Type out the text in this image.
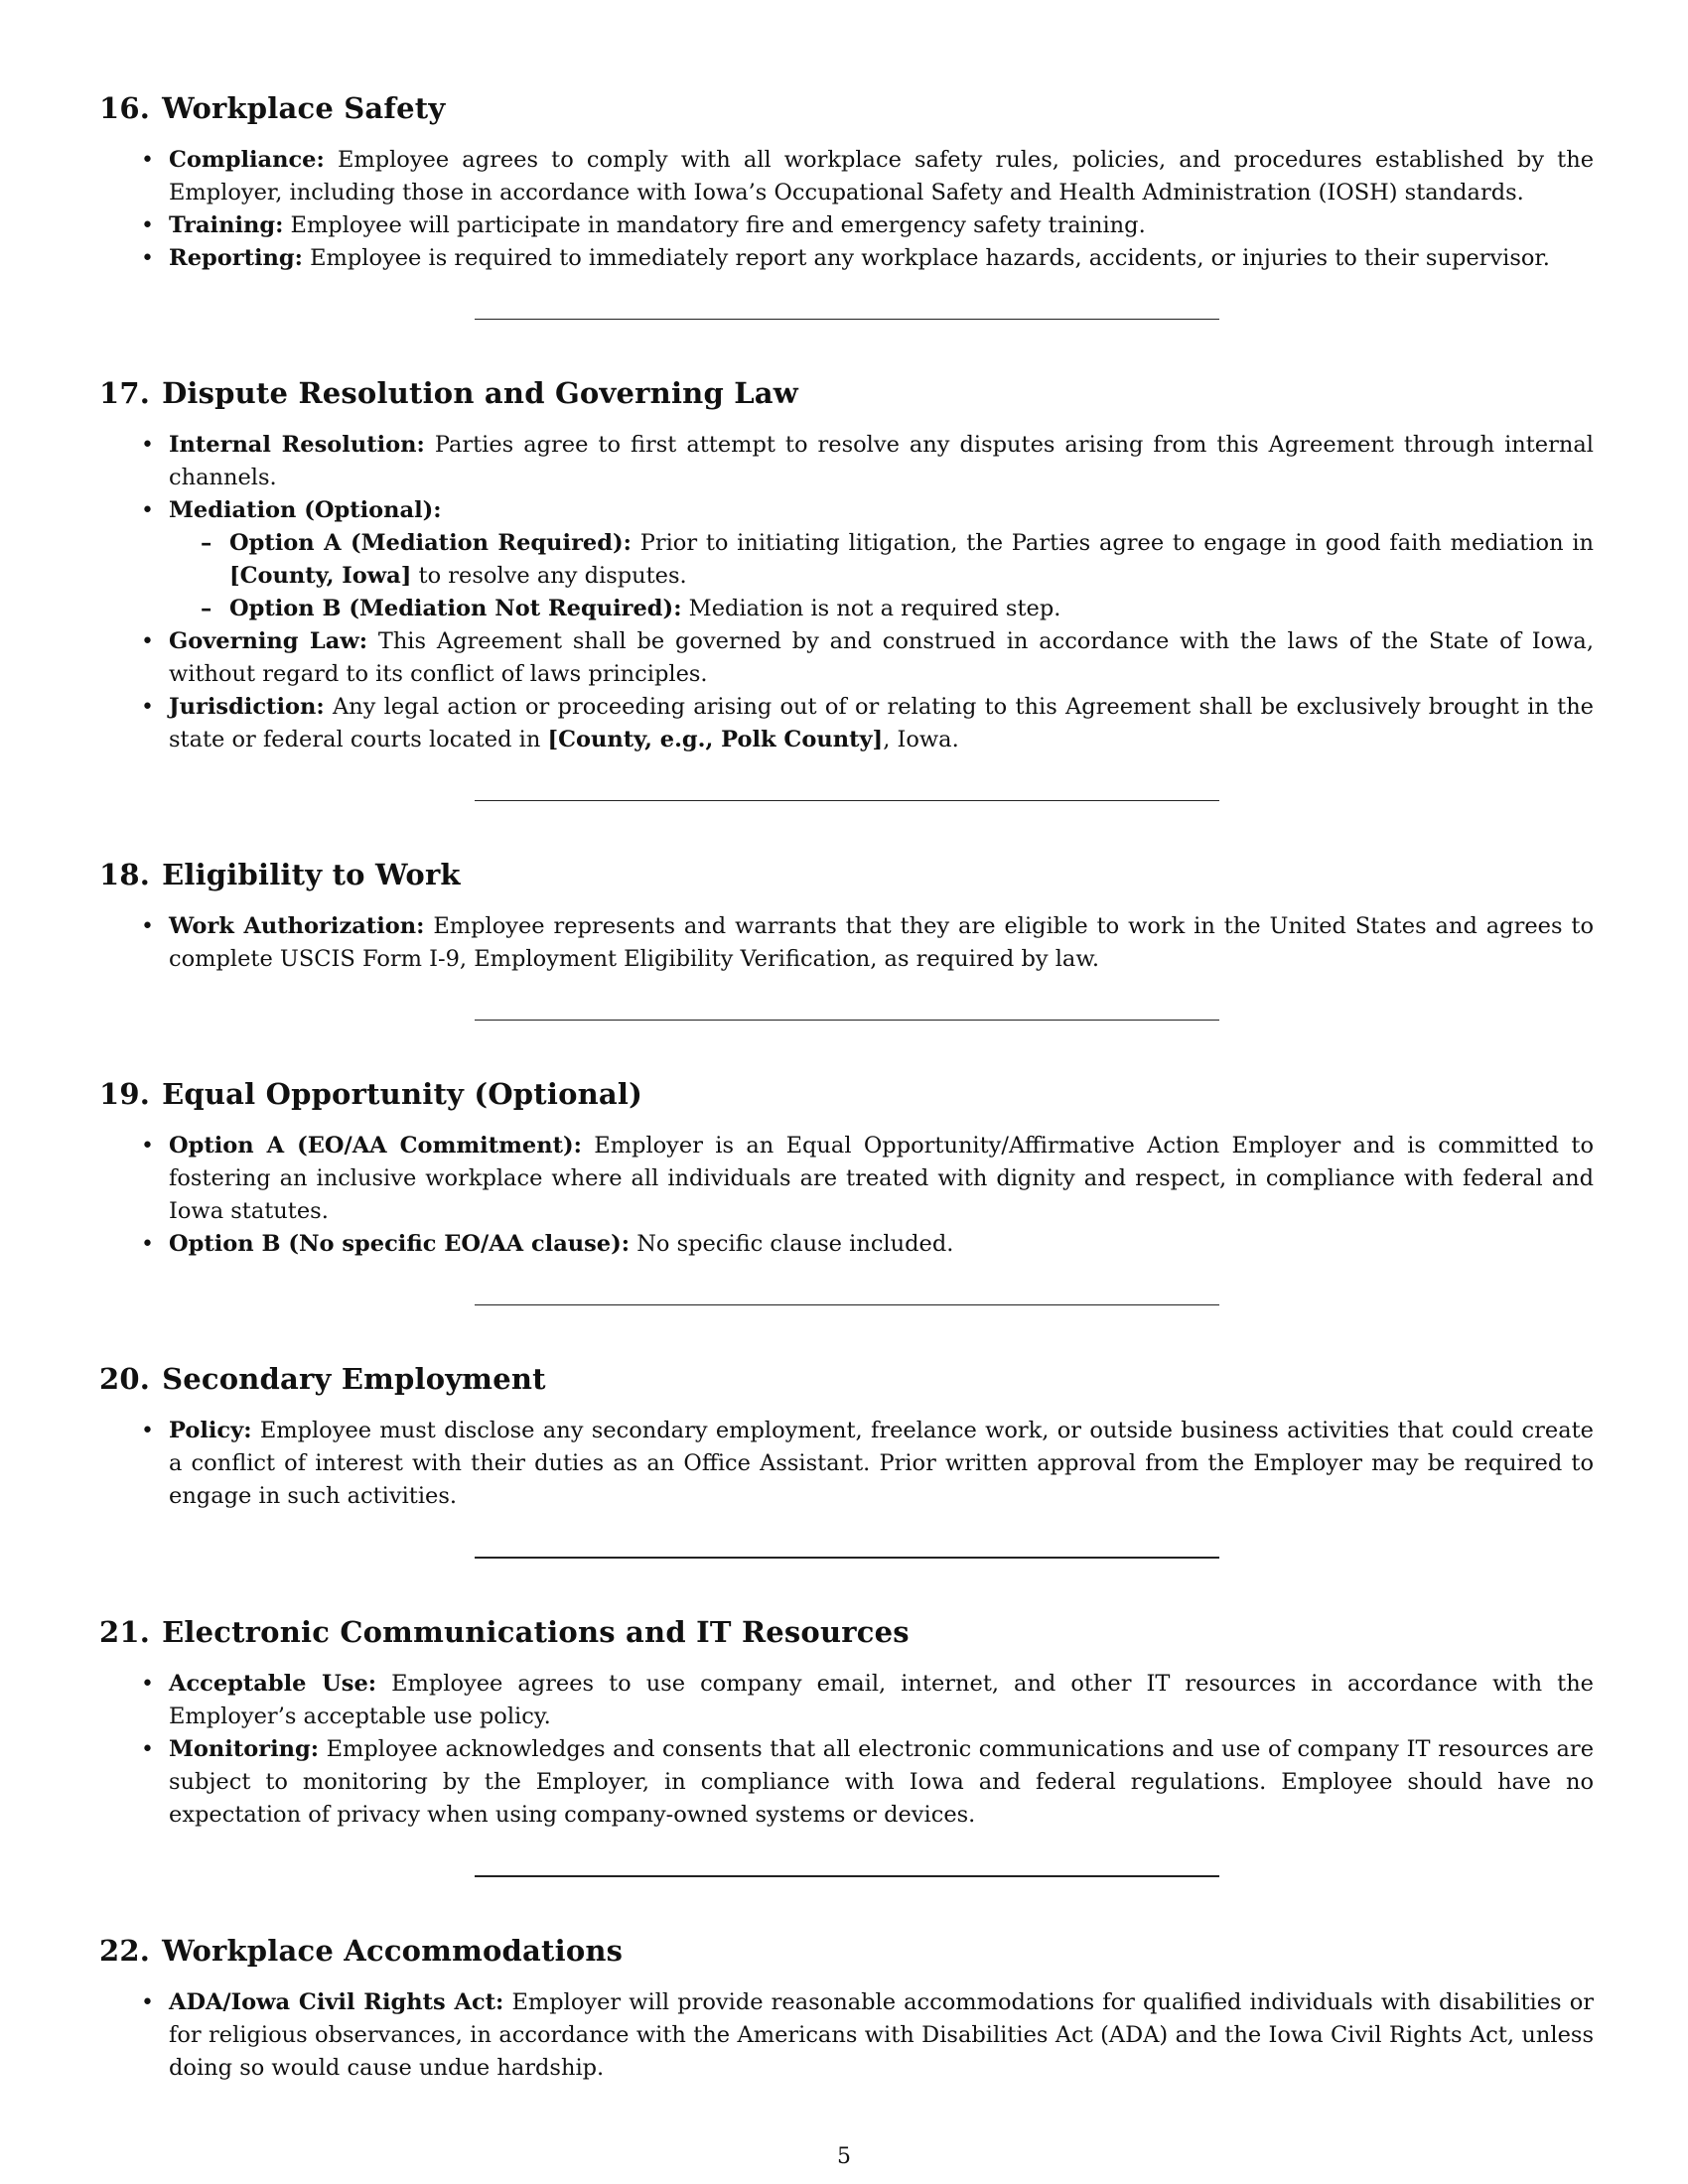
16. Workplace Safety
• Compliance: Employee agrees to comply with all workplace safety rules, policies, and procedures established by the Employer, including those in accordance with Iowa’s Occupational Safety and Health Administration (IOSH) standards.
• Training: Employee will participate in mandatory fire and emergency safety training.
• Reporting: Employee is required to immediately report any workplace hazards, accidents, or injuries to their supervisor.
17. Dispute Resolution and Governing Law
• Internal Resolution: Parties agree to first attempt to resolve any disputes arising from this Agreement through internal channels.
• Mediation (Optional):
– Option A (Mediation Required): Prior to initiating litigation, the Parties agree to engage in good faith mediation in [County, Iowa] to resolve any disputes.
– Option B (Mediation Not Required): Mediation is not a required step.
• Governing Law: This Agreement shall be governed by and construed in accordance with the laws of the State of Iowa, without regard to its conflict of laws principles.
• Jurisdiction: Any legal action or proceeding arising out of or relating to this Agreement shall be exclusively brought in the state or federal courts located in [County, e.g., Polk County], Iowa.
18. Eligibility to Work
• Work Authorization: Employee represents and warrants that they are eligible to work in the United States and agrees to complete USCIS Form I-9, Employment Eligibility Verification, as required by law.
19. Equal Opportunity (Optional)
• Option A (EO/AA Commitment): Employer is an Equal Opportunity/Affirmative Action Employer and is committed to fostering an inclusive workplace where all individuals are treated with dignity and respect, in compliance with federal and Iowa statutes.
• Option B (No specific EO/AA clause): No specific clause included.
20. Secondary Employment
• Policy: Employee must disclose any secondary employment, freelance work, or outside business activities that could create a conflict of interest with their duties as an Office Assistant. Prior written approval from the Employer may be required to engage in such activities.
21. Electronic Communications and IT Resources
• Acceptable Use: Employee agrees to use company email, internet, and other IT resources in accordance with the Employer’s acceptable use policy.
• Monitoring: Employee acknowledges and consents that all electronic communications and use of company IT resources are subject to monitoring by the Employer, in compliance with Iowa and federal regulations. Employee should have no expectation of privacy when using company-owned systems or devices.
22. Workplace Accommodations
• ADA/Iowa Civil Rights Act: Employer will provide reasonable accommodations for qualified individuals with disabilities or for religious observances, in accordance with the Americans with Disabilities Act (ADA) and the Iowa Civil Rights Act, unless doing so would cause undue hardship.
5
